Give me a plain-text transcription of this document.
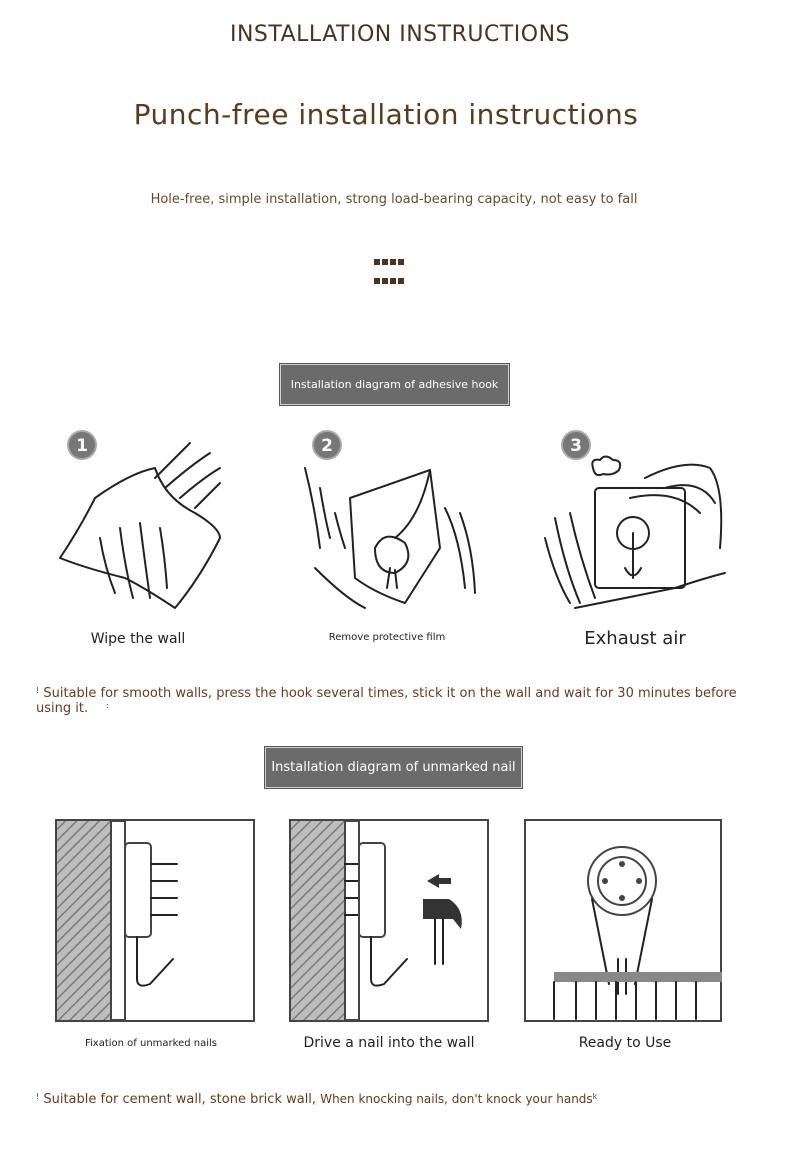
INSTALLATION INSTRUCTIONS
Punch-free installation instructions
Hole-free, simple installation, strong load-bearing capacity, not easy to fall

Installation diagram of adhesive hook
1
Wipe the wall
2
Remove protective film
3
Exhaust air
! Suitable for smooth walls, press the hook several times, stick it on the wall and wait for 30 minutes before using it. :
Installation diagram of unmarked nail
Fixation of unmarked nails	Drive a nail into the wall	Ready to Use
! Suitable for cement wall, stone brick wall, When knocking nails, don't knock your hands$^k$
